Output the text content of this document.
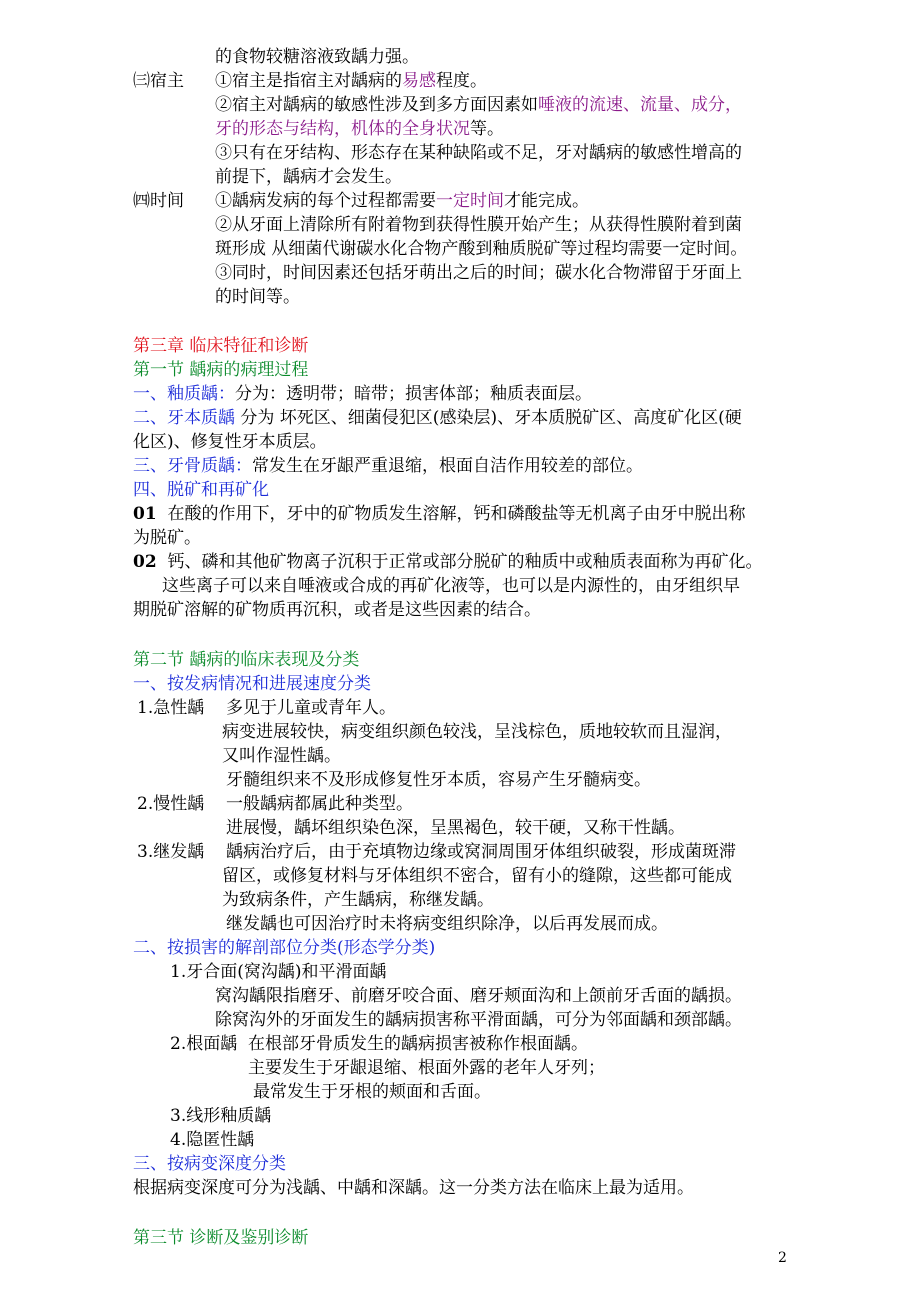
的食物较糖溶液致龋力强。
㈢宿主 ①宿主是指宿主对龋病的易感程度。
②宿主对龋病的敏感性涉及到多方面因素如唾液的流速、流量、成分，
牙的形态与结构，机体的全身状况等。
③只有在牙结构、形态存在某种缺陷或不足，牙对龋病的敏感性增高的
前提下，龋病才会发生。
㈣时间 ①龋病发病的每个过程都需要一定时间才能完成。
②从牙面上清除所有附着物到获得性膜开始产生；从获得性膜附着到菌
斑形成 从细菌代谢碳水化合物产酸到釉质脱矿等过程均需要一定时间。
③同时，时间因素还包括牙萌出之后的时间；碳水化合物滞留于牙面上
的时间等。
第三章 临床特征和诊断
第一节 龋病的病理过程
一、釉质龋：分为：透明带；暗带；损害体部；釉质表面层。
二、牙本质龋 分为 坏死区、细菌侵犯区(感染层)、牙本质脱矿区、高度矿化区(硬
化区)、修复性牙本质层。
三、牙骨质龋：常发生在牙龈严重退缩，根面自洁作用较差的部位。
四、脱矿和再矿化
01 在酸的作用下，牙中的矿物质发生溶解，钙和磷酸盐等无机离子由牙中脱出称
为脱矿。
02 钙、磷和其他矿物离子沉积于正常或部分脱矿的釉质中或釉质表面称为再矿化。
这些离子可以来自唾液或合成的再矿化液等，也可以是内源性的，由牙组织早
期脱矿溶解的矿物质再沉积，或者是这些因素的结合。
第二节 龋病的临床表现及分类
一、按发病情况和进展速度分类
1.急性龋 多见于儿童或青年人。
病变进展较快，病变组织颜色较浅，呈浅棕色，质地较软而且湿润，
又叫作湿性龋。
牙髓组织来不及形成修复性牙本质，容易产生牙髓病变。
2.慢性龋 一般龋病都属此种类型。
进展慢，龋坏组织染色深，呈黑褐色，较干硬，又称干性龋。
3.继发龋 龋病治疗后，由于充填物边缘或窝洞周围牙体组织破裂，形成菌斑滞
留区，或修复材料与牙体组织不密合，留有小的缝隙，这些都可能成
为致病条件，产生龋病，称继发龋。
继发龋也可因治疗时未将病变组织除净，以后再发展而成。
二、按损害的解剖部位分类(形态学分类)
1.牙合面(窝沟龋)和平滑面龋
窝沟龋限指磨牙、前磨牙咬合面、磨牙颊面沟和上颌前牙舌面的龋损。
除窝沟外的牙面发生的龋病损害称平滑面龋，可分为邻面龋和颈部龋。
2.根面龋 在根部牙骨质发生的龋病损害被称作根面龋。
主要发生于牙龈退缩、根面外露的老年人牙列；
最常发生于牙根的颊面和舌面。
3.线形釉质龋
4.隐匿性龋
三、按病变深度分类
根据病变深度可分为浅龋、中龋和深龋。这一分类方法在临床上最为适用。
第三节 诊断及鉴别诊断
2
